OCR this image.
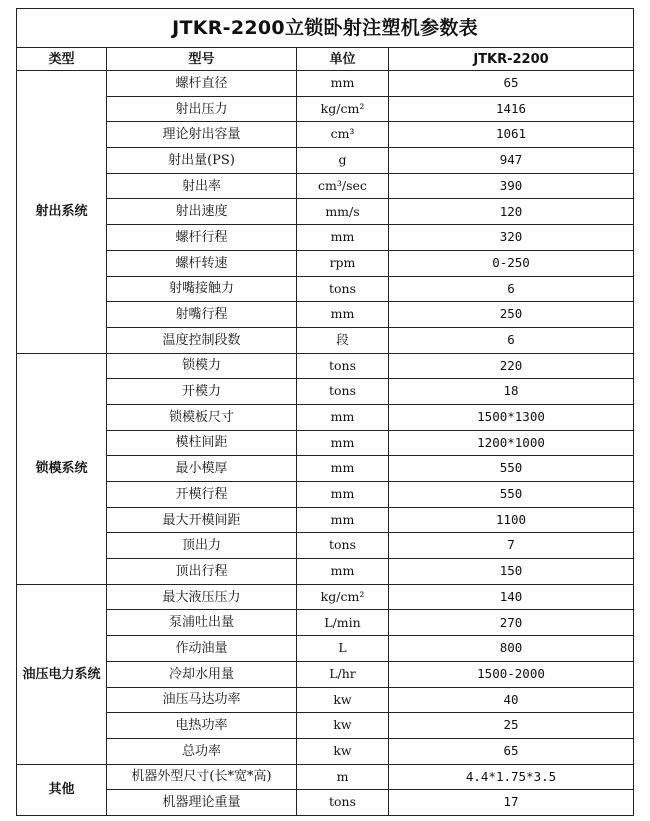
JTKR-2200立锁卧射注塑机参数表			
类型	型号	单位	JTKR-2200
射出系统	螺杆直径	mm	65
	射出压力	kg/cm²	1416
	理论射出容量	cm³	1061
	射出量(PS)	g	947
	射出率	cm³/sec	390
	射出速度	mm/s	120
	螺杆行程	mm	320
	螺杆转速	rpm	0-250
	射嘴接触力	tons	6
	射嘴行程	mm	250
	温度控制段数	段	6
锁模系统	锁模力	tons	220
	开模力	tons	18
	锁模板尺寸	mm	1500*1300
	模柱间距	mm	1200*1000
	最小模厚	mm	550
	开模行程	mm	550
	最大开模间距	mm	1100
	顶出力	tons	7
	顶出行程	mm	150
油压电力系统	最大液压压力	kg/cm²	140
	泵浦吐出量	L/min	270
	作动油量	L	800
	冷却水用量	L/hr	1500-2000
	油压马达功率	kw	40
	电热功率	kw	25
	总功率	kw	65
其他	机器外型尺寸(长*宽*高)	m	4.4*1.75*3.5
	机器理论重量	tons	17
